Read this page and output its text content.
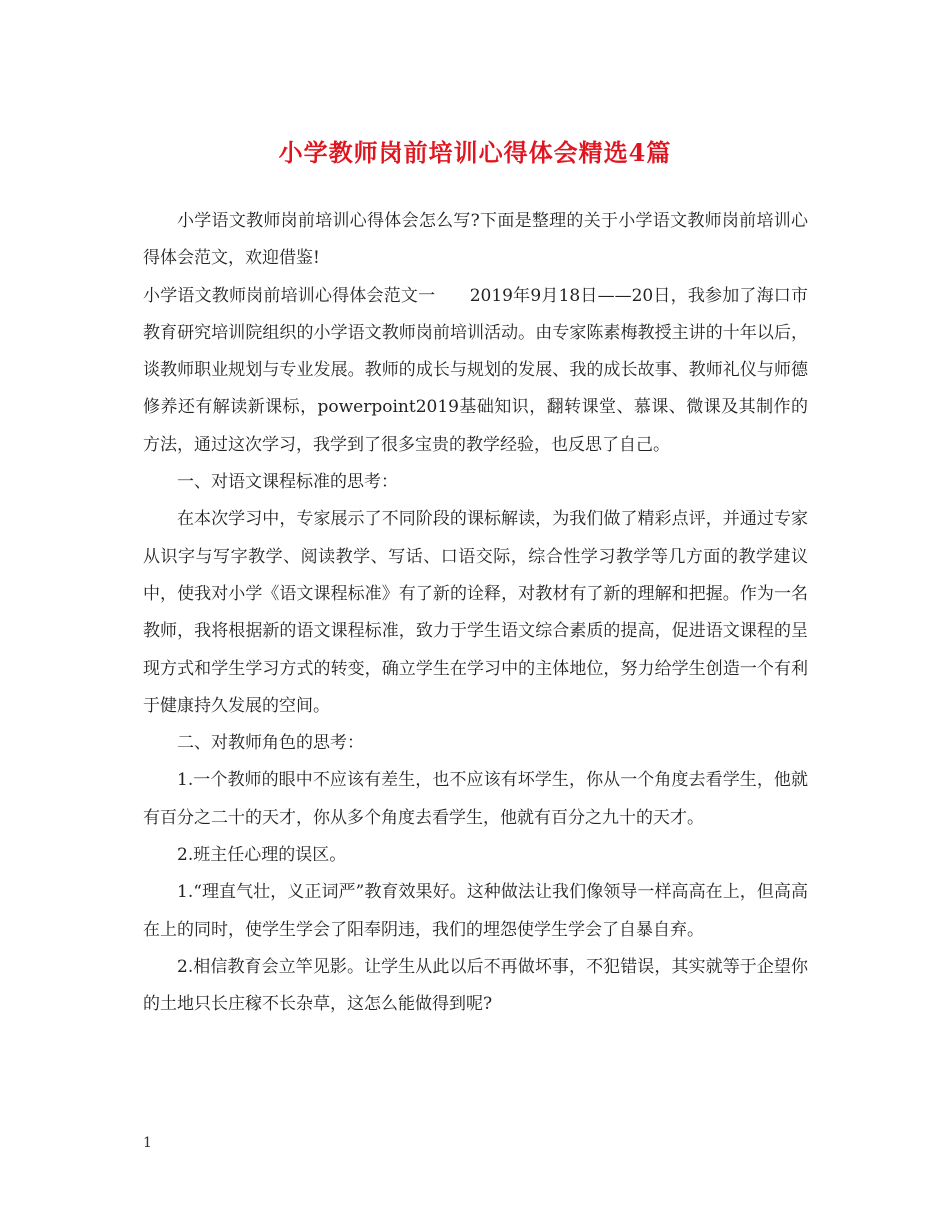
小学教师岗前培训心得体会精选4篇

小学语文教师岗前培训心得体会怎么写?下面是整理的关于小学语文教师岗前培训心得体会范文，欢迎借鉴!

小学语文教师岗前培训心得体会范文一　　2019年9月18日——20日，我参加了海口市教育研究培训院组织的小学语文教师岗前培训活动。由专家陈素梅教授主讲的十年以后，谈教师职业规划与专业发展。教师的成长与规划的发展、我的成长故事、教师礼仪与师德修养还有解读新课标，powerpoint2019基础知识，翻转课堂、慕课、微课及其制作的方法，通过这次学习，我学到了很多宝贵的教学经验，也反思了自己。

一、对语文课程标准的思考：

在本次学习中，专家展示了不同阶段的课标解读，为我们做了精彩点评，并通过专家从识字与写字教学、阅读教学、写话、口语交际，综合性学习教学等几方面的教学建议中，使我对小学《语文课程标准》有了新的诠释，对教材有了新的理解和把握。作为一名教师，我将根据新的语文课程标准，致力于学生语文综合素质的提高，促进语文课程的呈现方式和学生学习方式的转变，确立学生在学习中的主体地位，努力给学生创造一个有利于健康持久发展的空间。

二、对教师角色的思考：

1.一个教师的眼中不应该有差生，也不应该有坏学生，你从一个角度去看学生，他就有百分之二十的天才，你从多个角度去看学生，他就有百分之九十的天才。

2.班主任心理的误区。

1.“理直气壮，义正词严”教育效果好。这种做法让我们像领导一样高高在上，但高高在上的同时，使学生学会了阳奉阴违，我们的埋怨使学生学会了自暴自弃。

2.相信教育会立竿见影。让学生从此以后不再做坏事，不犯错误，其实就等于企望你的土地只长庄稼不长杂草，这怎么能做得到呢?

1
